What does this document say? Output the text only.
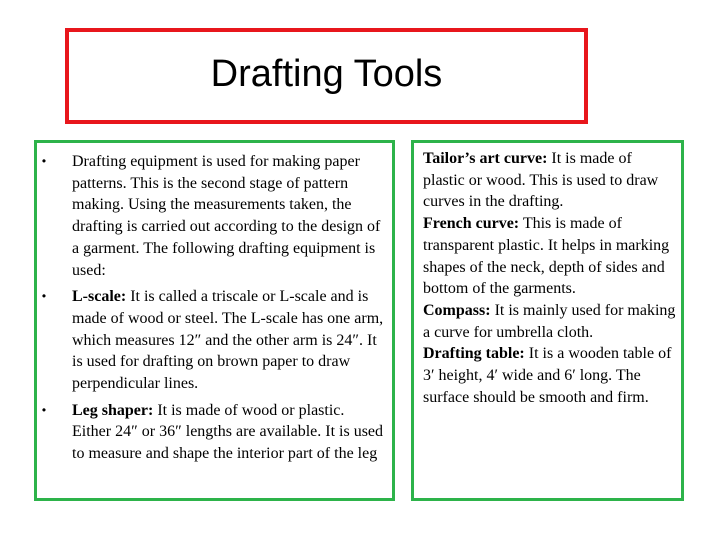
Drafting Tools
•	Drafting equipment is used for making paper patterns. This is the second stage of pattern making. Using the measurements taken, the drafting is carried out according to the design of a garment. The following drafting equipment is used:
•	L-scale: It is called a triscale or L-scale and is made of wood or steel. The L-scale has one arm, which measures 12″ and the other arm is 24″. It is used for drafting on brown paper to draw perpendicular lines.
•	Leg shaper: It is made of wood or plastic. Either 24″ or 36″ lengths are available. It is used to measure and shape the interior part of the leg

Tailor’s art curve: It is made of plastic or wood. This is used to draw curves in the drafting.

French curve: This is made of transparent plastic. It helps in marking shapes of the neck, depth of sides and bottom of the garments.

Compass: It is mainly used for making a curve for umbrella cloth.

Drafting table: It is a wooden table of 3′ height, 4′ wide and 6′ long. The surface should be smooth and firm.
